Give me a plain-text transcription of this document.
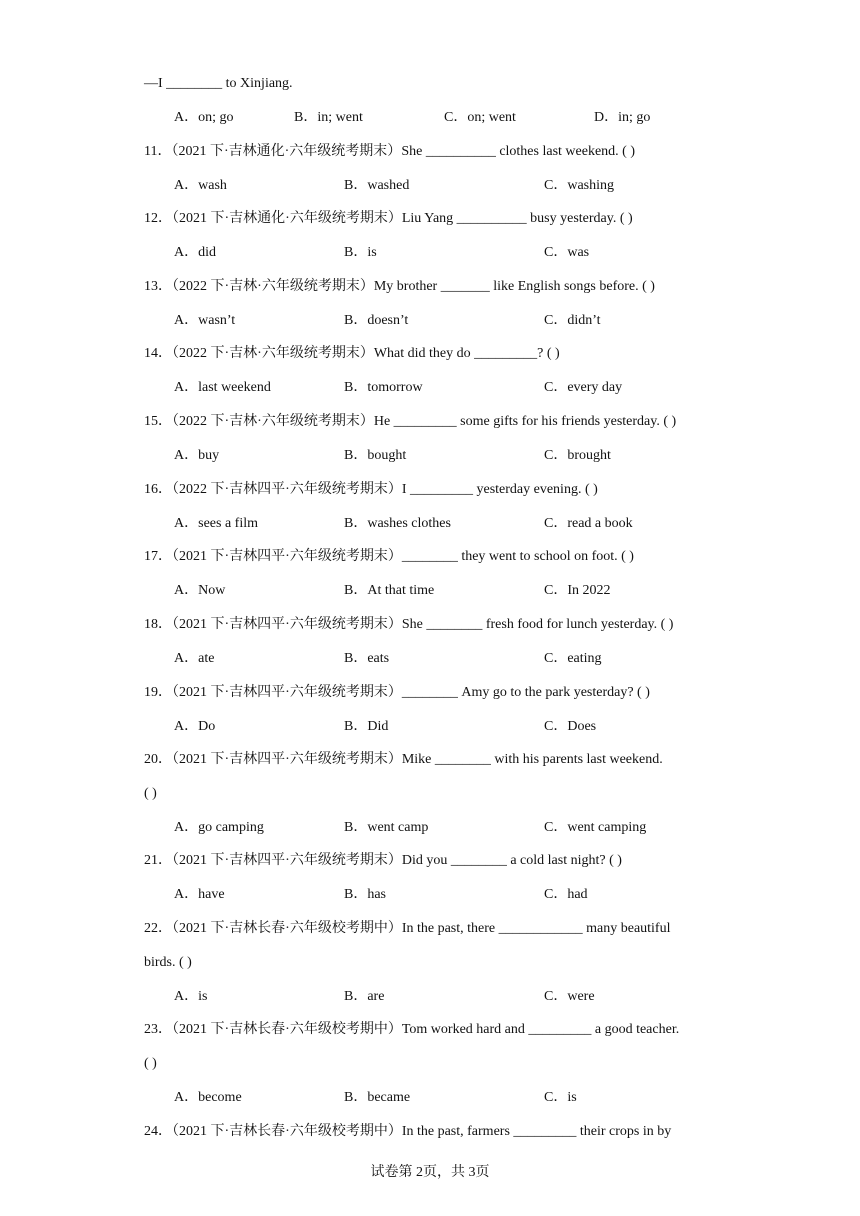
—I ________ to Xinjiang.
A．on; go	B．in; went	C．on; went	D．in; go
11．（2021 下·吉林通化·六年级统考期末）She __________ clothes last weekend. ( )
A．wash	B．washed	C．washing
12．（2021 下·吉林通化·六年级统考期末）Liu Yang __________ busy yesterday. ( )
A．did	B．is	C．was
13．（2022 下·吉林·六年级统考期末）My brother _______ like English songs before. ( )
A．wasn’t	B．doesn’t	C．didn’t
14．（2022 下·吉林·六年级统考期末）What did they do _________? ( )
A．last weekend	B．tomorrow	C．every day
15．（2022 下·吉林·六年级统考期末）He _________ some gifts for his friends yesterday. ( )
A．buy	B．bought	C．brought
16．（2022 下·吉林四平·六年级统考期末）I _________ yesterday evening. ( )
A．sees a film	B．washes clothes	C．read a book
17．（2021 下·吉林四平·六年级统考期末）________ they went to school on foot. ( )
A．Now	B．At that time	C．In 2022
18．（2021 下·吉林四平·六年级统考期末）She ________ fresh food for lunch yesterday. ( )
A．ate	B．eats	C．eating
19．（2021 下·吉林四平·六年级统考期末）________ Amy go to the park yesterday? ( )
A．Do	B．Did	C．Does
20．（2021 下·吉林四平·六年级统考期末）Mike ________ with his parents last weekend.
( )
A．go camping	B．went camp	C．went camping
21．（2021 下·吉林四平·六年级统考期末）Did you ________ a cold last night? ( )
A．have	B．has	C．had
22．（2021 下·吉林长春·六年级校考期中）In the past, there ____________ many beautiful
birds. ( )
A．is	B．are	C．were
23．（2021 下·吉林长春·六年级校考期中）Tom worked hard and _________ a good teacher.
( )
A．become	B．became	C．is
24．（2021 下·吉林长春·六年级校考期中）In the past, farmers _________ their crops in by
试卷第 2页，共 3页
